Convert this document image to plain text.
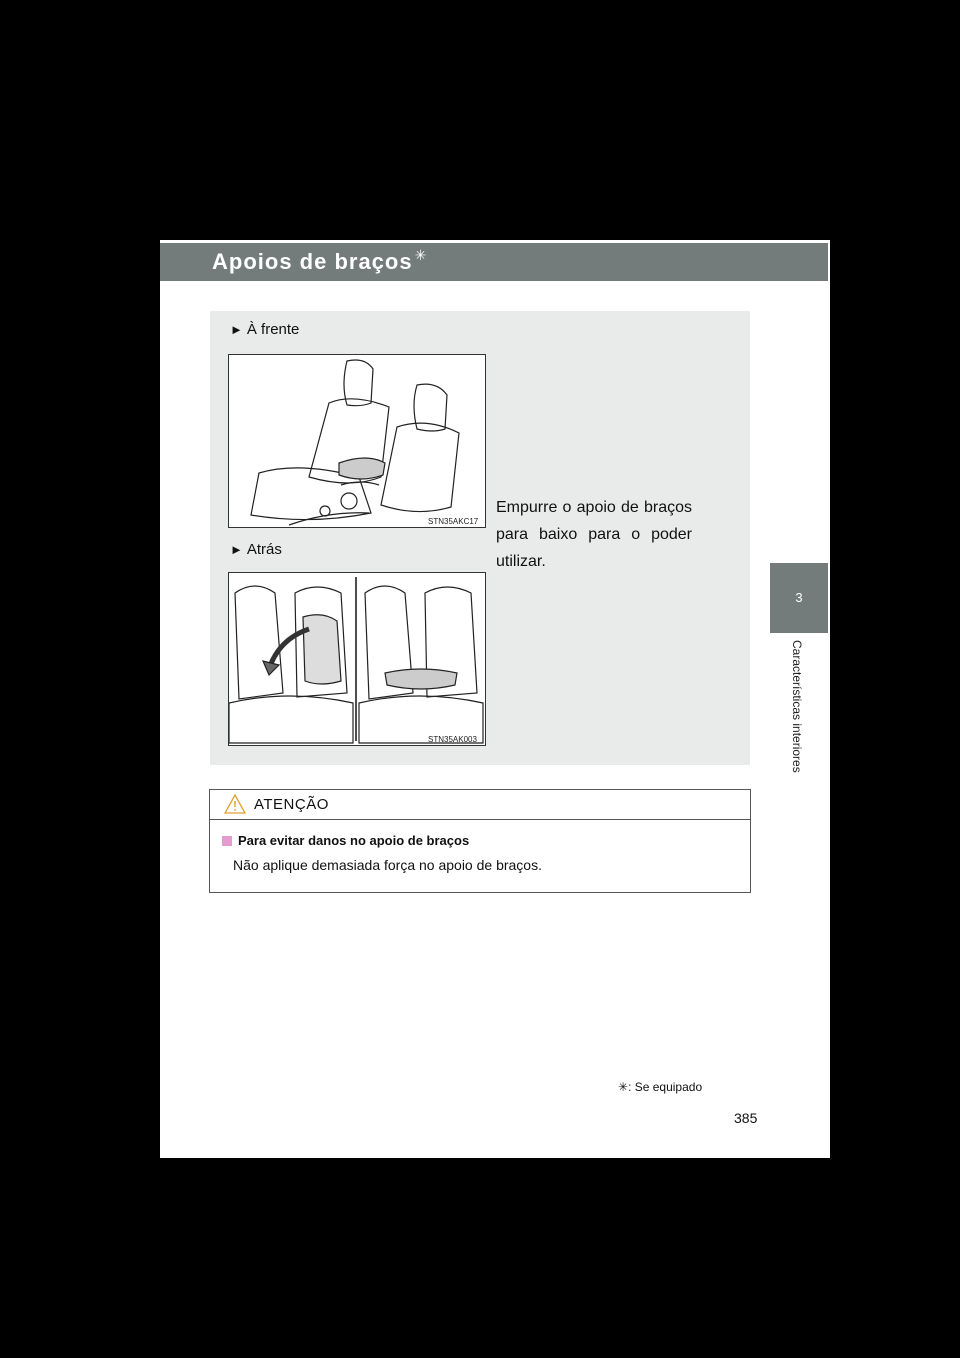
Apoios de braços ✳
3
Características interiores
► À frente
STN35AKC17
► Atrás
STN35AK003
Empurre o apoio de braços para baixo para o poder utilizar.
ATENÇÃO
Para evitar danos no apoio de braços
Não aplique demasiada força no apoio de braços.
✳: Se equipado
385
